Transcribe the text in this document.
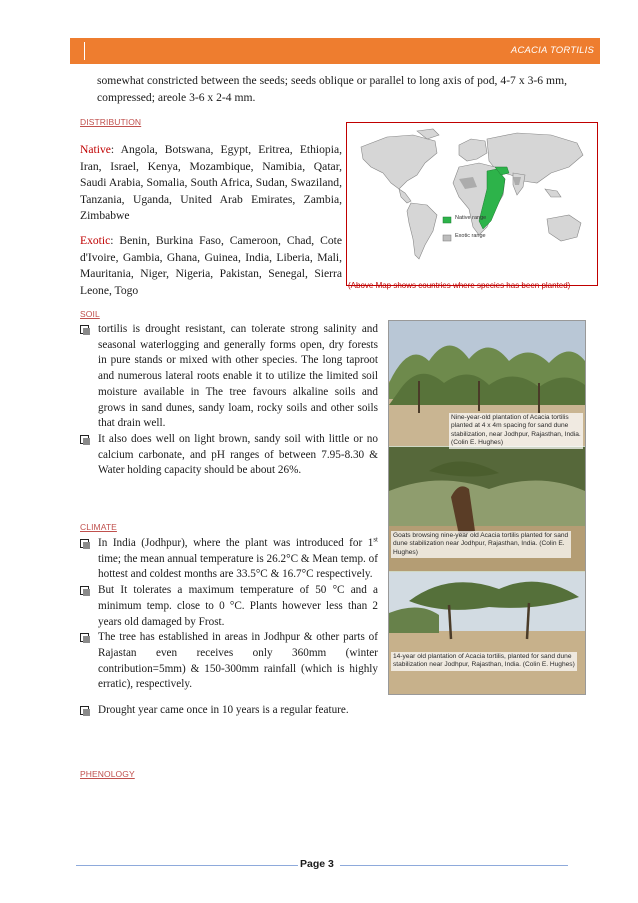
ACACIA TORTILIS
somewhat constricted between the seeds; seeds oblique or parallel to long axis of pod, 4-7 x 3-6 mm, compressed; areole 3-6 x 2-4 mm.
DISTRIBUTION
Native: Angola, Botswana, Egypt, Eritrea, Ethiopia, Iran, Israel, Kenya, Mozambique, Namibia, Qatar, Saudi Arabia, Somalia, South Africa, Sudan, Swaziland, Tanzania, Uganda, United Arab Emirates, Zambia, Zimbabwe
Exotic: Benin, Burkina Faso, Cameroon, Chad, Cote d'Ivoire, Gambia, Ghana, Guinea, India, Liberia, Mali, Mauritania, Niger, Nigeria, Pakistan, Senegal, Sierra Leone, Togo
Native range
Exotic range
(Above Map shows countries where species has been planted)
SOIL
tortilis is drought resistant, can tolerate strong salinity and seasonal waterlogging and generally forms open, dry forests in pure stands or mixed with other species. The long taproot and numerous lateral roots enable it to utilize the limited soil moisture available in The tree favours alkaline soils and grows in sand dunes, sandy loam, rocky soils and other soils that drain well.
It also does well on light brown, sandy soil with little or no calcium carbonate, and pH ranges of between 7.95-8.30 & Water holding capacity should be about 26%.
CLIMATE
In India (Jodhpur), where the plant was introduced for 1st time; the mean annual temperature is 26.2°C & Mean temp. of hottest and coldest months are 33.5°C & 16.7°C respectively.
But It tolerates a maximum temperature of 50 °C and a minimum temp. close to 0 °C. Plants however less than 2 years old damaged by Frost.
The tree has established in areas in Jodhpur & other parts of Rajastan even receives only 360mm (winter contribution=5mm) & 150-300mm rainfall (which is highly erratic), respectively.
Drought year came once in 10 years is a regular feature.
Nine-year-old plantation of Acacia tortilis planted at 4 x 4m spacing for sand dune stabilization, near Jodhpur, Rajasthan, India. (Colin E. Hughes)
Goats browsing nine-year old Acacia tortilis planted for sand dune stabilization near Jodhpur, Rajasthan, India. (Colin E. Hughes)
14-year old plantation of Acacia tortilis, planted for sand dune stabilization near Jodhpur, Rajasthan, India. (Colin E. Hughes)
PHENOLOGY
Page 3
